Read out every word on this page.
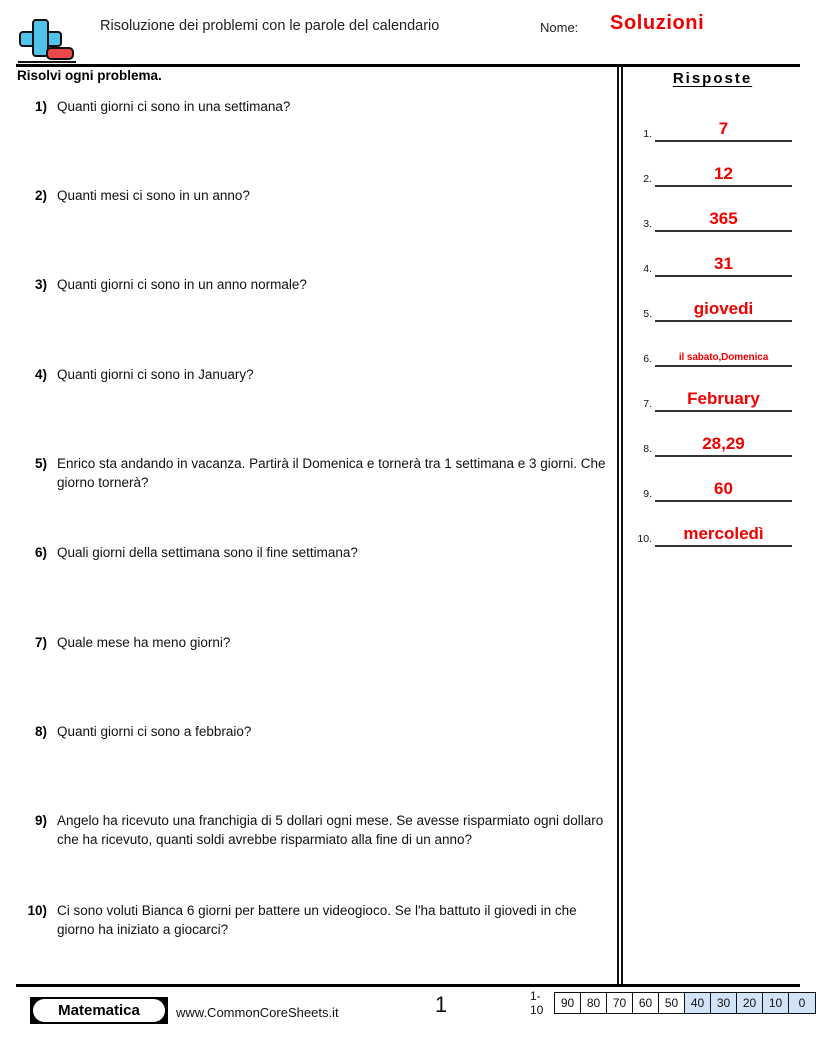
Risoluzione dei problemi con le parole del calendario	Nome: Soluzioni
Risolvi ogni problema.
1) Quanti giorni ci sono in una settimana?
2) Quanti mesi ci sono in un anno?
3) Quanti giorni ci sono in un anno normale?
4) Quanti giorni ci sono in January?
5) Enrico sta andando in vacanza. Partirà il Domenica e tornerà tra 1 settimana e 3 giorni. Che giorno tornerà?
6) Quali giorni della settimana sono il fine settimana?
7) Quale mese ha meno giorni?
8) Quanti giorni ci sono a febbraio?
9) Angelo ha ricevuto una franchigia di 5 dollari ogni mese. Se avesse risparmiato ogni dollaro che ha ricevuto, quanti soldi avrebbe risparmiato alla fine di un anno?
10) Ci sono voluti Bianca 6 giorni per battere un videogioco. Se l'ha battuto il giovedi in che giorno ha iniziato a giocarci?
Risposte
1.	7
2.	12
3.	365
4.	31
5.	giovedi
6.	il sabato,Domenica
7.	February
8.	28,29
9.	60
10.	mercoledì
Matematica	www.CommonCoreSheets.it	1	1-10	90	80	70	60	50	40	30	20	10	0
